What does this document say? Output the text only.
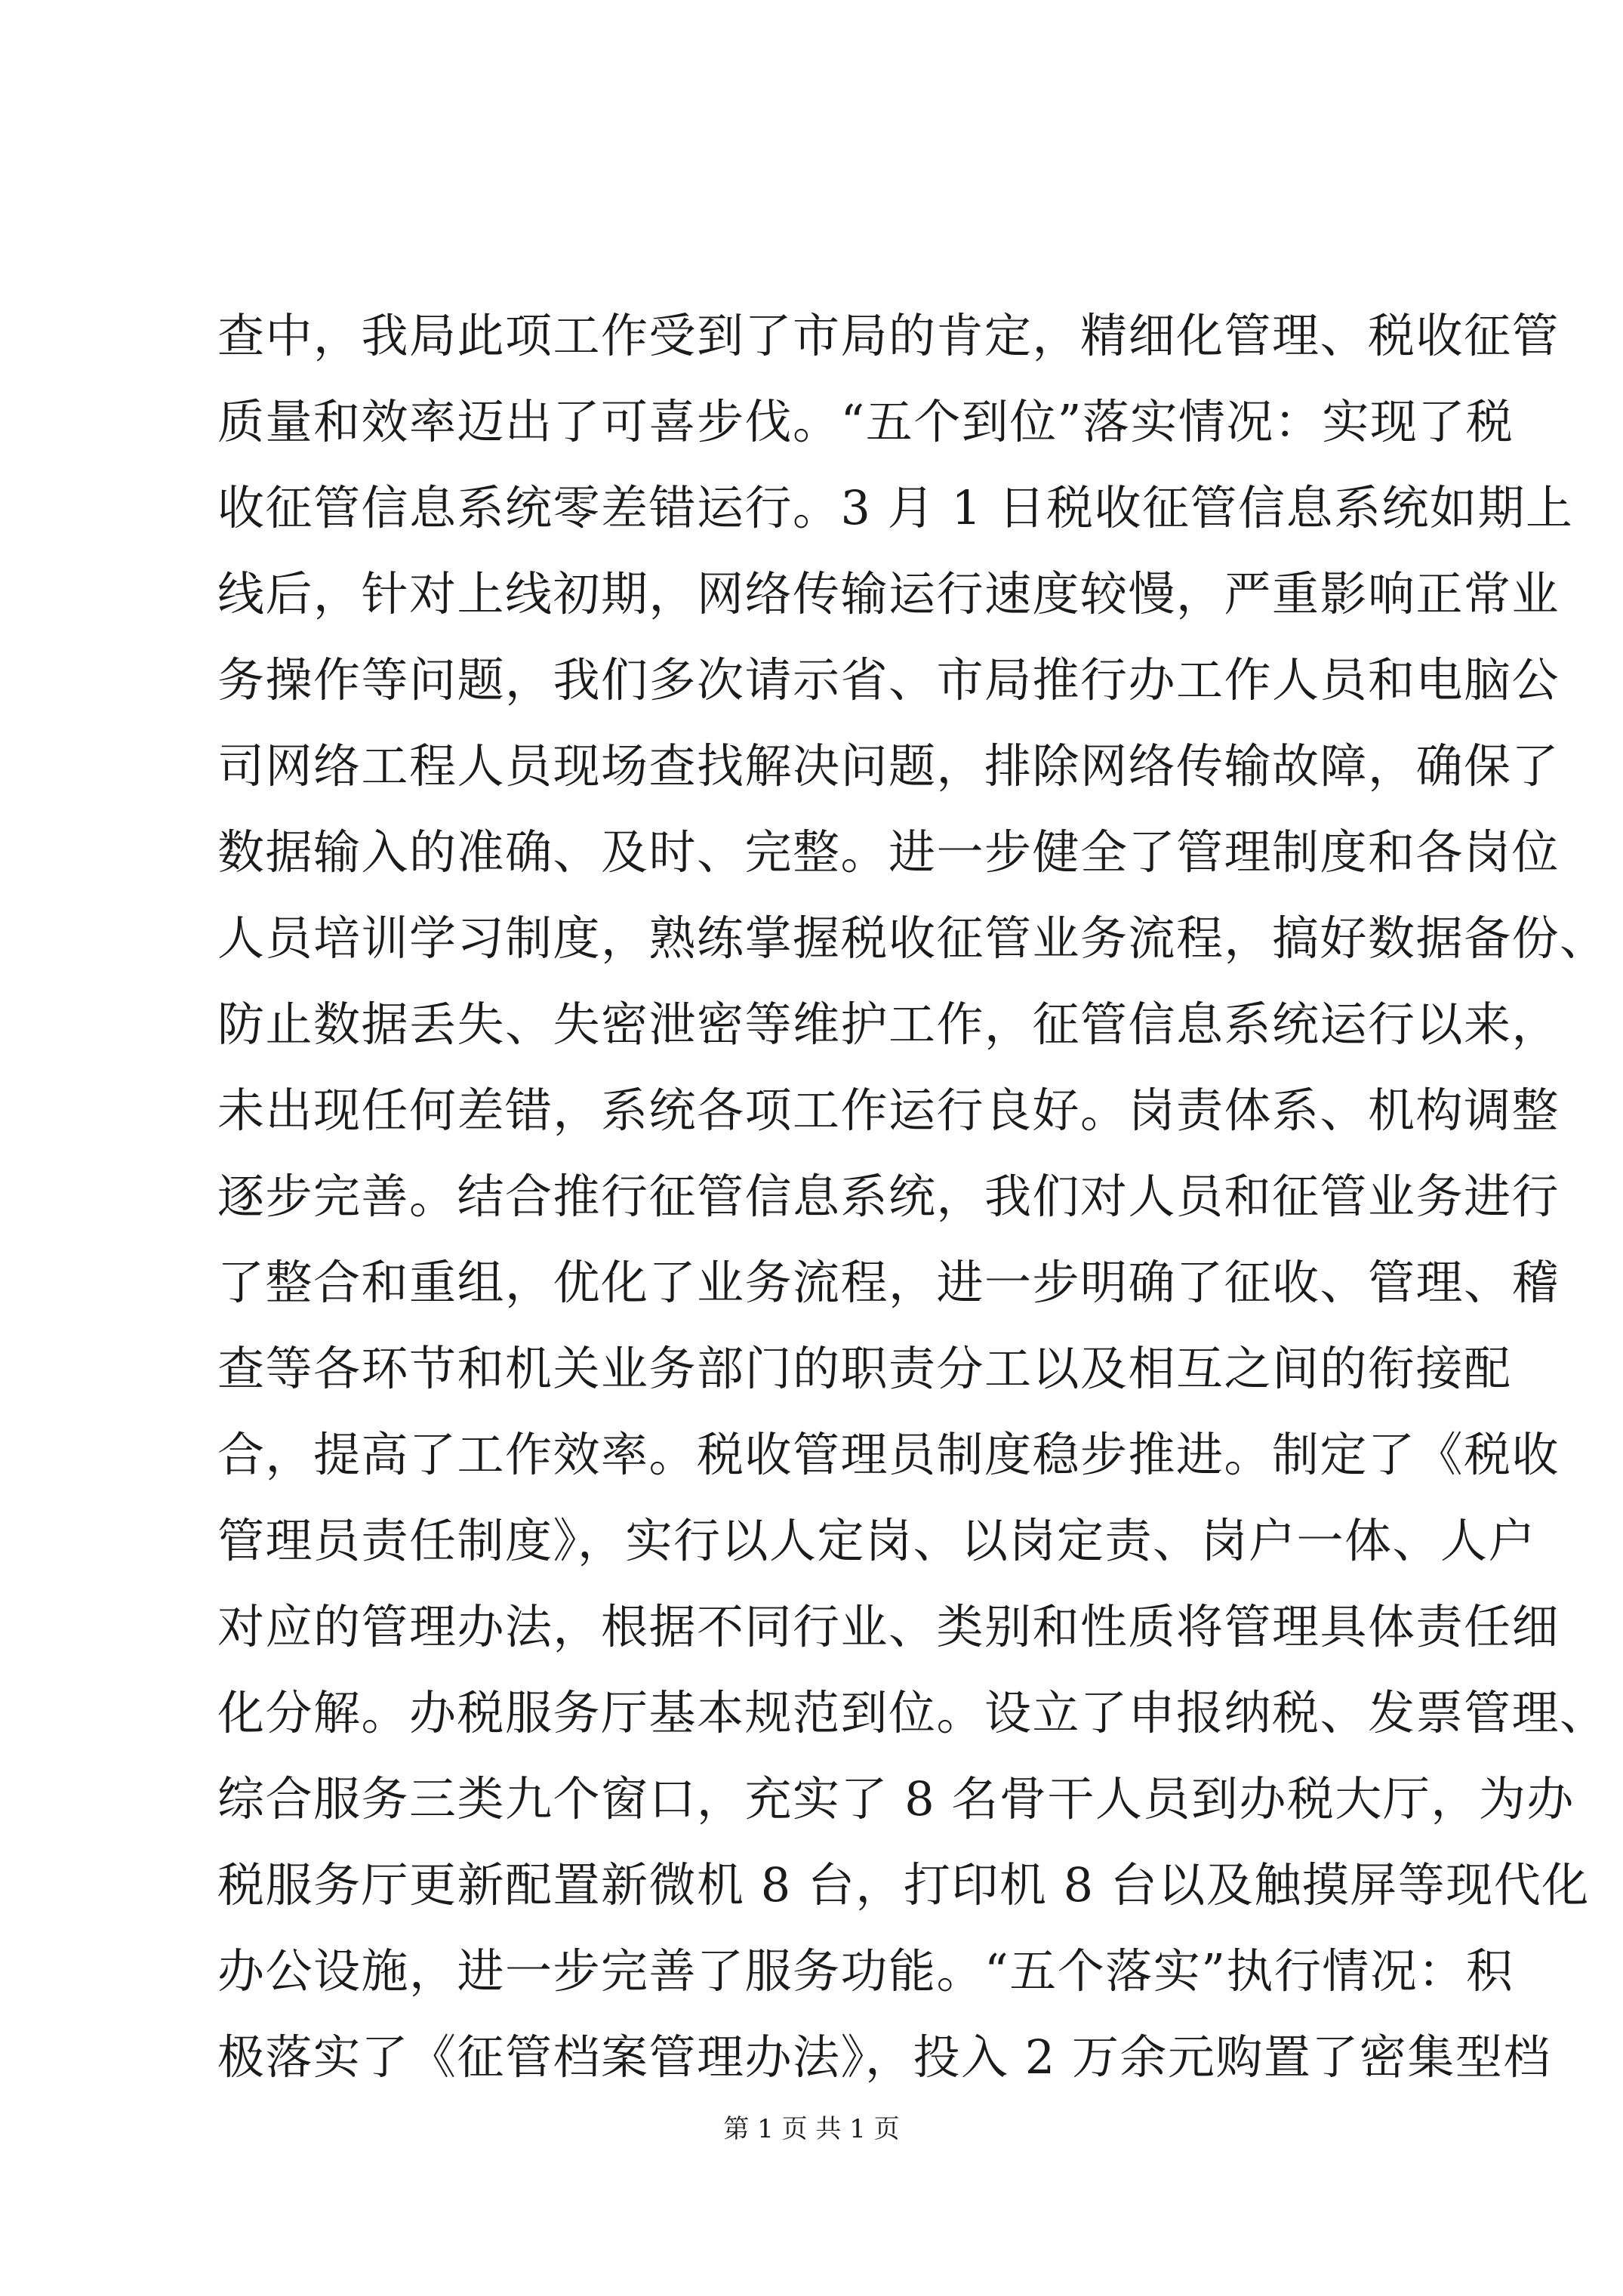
查中，我局此项工作受到了市局的肯定，精细化管理、税收征管
质量和效率迈出了可喜步伐。“五个到位”落实情况：实现了税
收征管信息系统零差错运行。3 月 1 日税收征管信息系统如期上
线后，针对上线初期，网络传输运行速度较慢，严重影响正常业
务操作等问题，我们多次请示省、市局推行办工作人员和电脑公
司网络工程人员现场查找解决问题，排除网络传输故障，确保了
数据输入的准确、及时、完整。进一步健全了管理制度和各岗位
人员培训学习制度，熟练掌握税收征管业务流程，搞好数据备份、
防止数据丢失、失密泄密等维护工作，征管信息系统运行以来，
未出现任何差错，系统各项工作运行良好。岗责体系、机构调整
逐步完善。结合推行征管信息系统，我们对人员和征管业务进行
了整合和重组，优化了业务流程，进一步明确了征收、管理、稽
查等各环节和机关业务部门的职责分工以及相互之间的衔接配
合，提高了工作效率。税收管理员制度稳步推进。制定了《税收
管理员责任制度》，实行以人定岗、以岗定责、岗户一体、人户
对应的管理办法，根据不同行业、类别和性质将管理具体责任细
化分解。办税服务厅基本规范到位。设立了申报纳税、发票管理、
综合服务三类九个窗口，充实了 8 名骨干人员到办税大厅，为办
税服务厅更新配置新微机 8 台，打印机 8 台以及触摸屏等现代化
办公设施，进一步完善了服务功能。“五个落实”执行情况：积
极落实了《征管档案管理办法》，投入 2 万余元购置了密集型档
第 1 页 共 1 页
